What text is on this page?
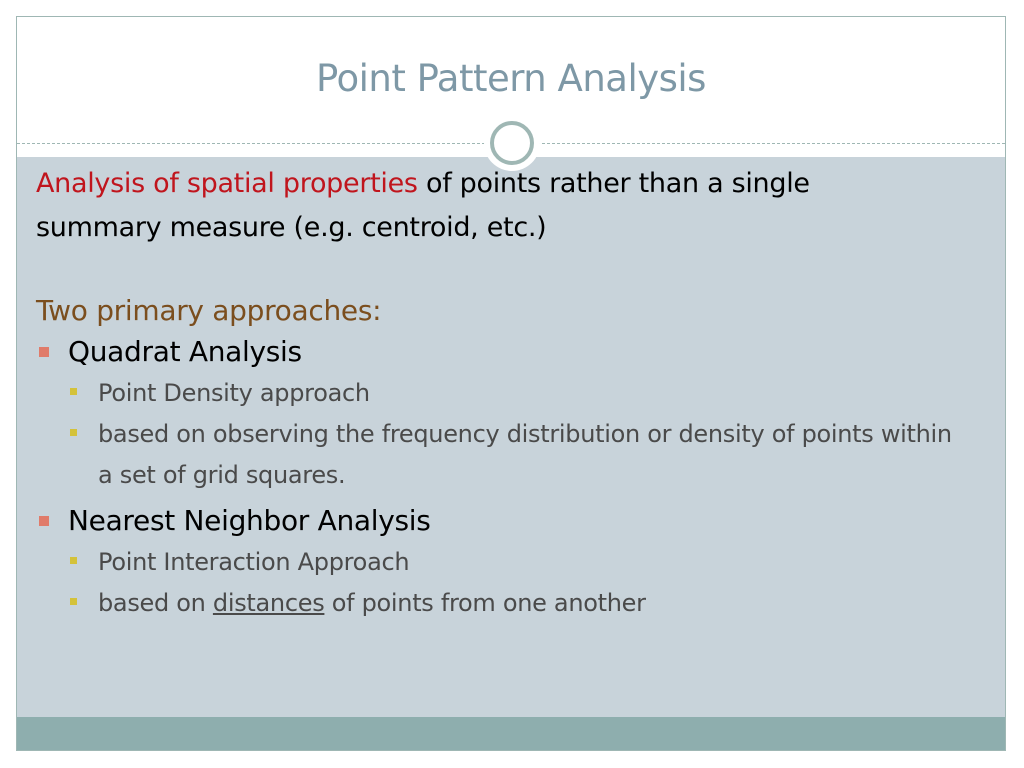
Point Pattern Analysis
Analysis of spatial properties of points rather than a single summary measure (e.g. centroid, etc.)
Two primary approaches:
Quadrat Analysis
Point Density approach
based on observing the frequency distribution or density of points within a set of grid squares.
Nearest Neighbor Analysis
Point Interaction Approach
based on distances of points from one another
